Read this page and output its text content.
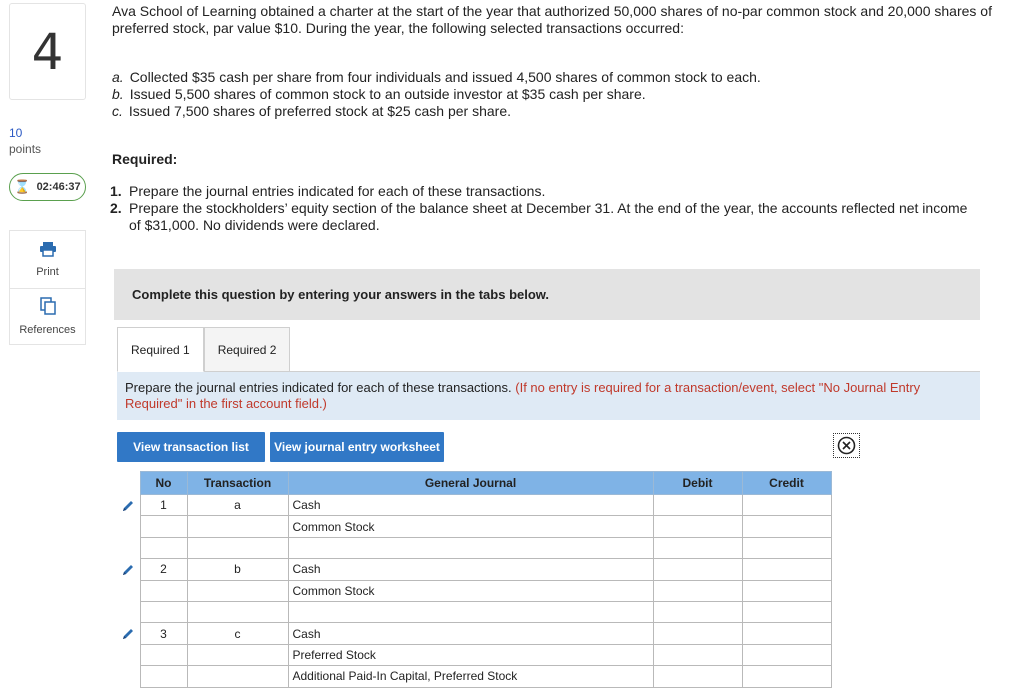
4
10
points
⌛ 02:46:37
Print
References

Ava School of Learning obtained a charter at the start of the year that authorized 50,000 shares of no-par common stock and 20,000 shares of preferred stock, par value $10. During the year, the following selected transactions occurred:

a. Collected $35 cash per share from four individuals and issued 4,500 shares of common stock to each.
b. Issued 5,500 shares of common stock to an outside investor at $35 cash per share.
c. Issued 7,500 shares of preferred stock at $25 cash per share.
Required:
1. Prepare the journal entries indicated for each of these transactions.
2. Prepare the stockholders’ equity section of the balance sheet at December 31. At the end of the year, the accounts reflected net income of $31,000. No dividends were declared.
Complete this question by entering your answers in the tabs below.
Required 1	Required 2
Prepare the journal entries indicated for each of these transactions. (If no entry is required for a transaction/event, select "No Journal Entry Required" in the first account field.)
View transaction list	View journal entry worksheet
	No	Transaction	General Journal	Debit	Credit
	1	a	Cash		
			Common Stock		

	2	b	Cash		
			Common Stock		

	3	c	Cash		
			Preferred Stock		
			Additional Paid-In Capital, Preferred Stock		
